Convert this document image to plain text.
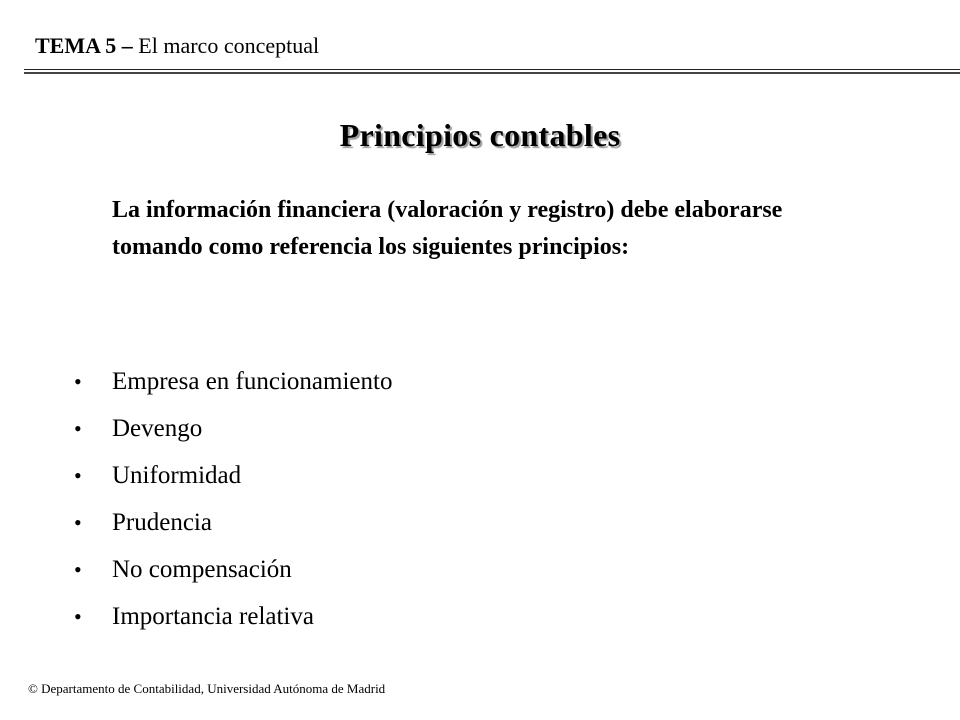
TEMA 5 – El marco conceptual
Principios contables
La información financiera (valoración y registro) debe elaborarse tomando como referencia los siguientes principios:
• Empresa en funcionamiento
• Devengo
• Uniformidad
• Prudencia
• No compensación
• Importancia relativa
© Departamento de Contabilidad, Universidad Autónoma de Madrid
